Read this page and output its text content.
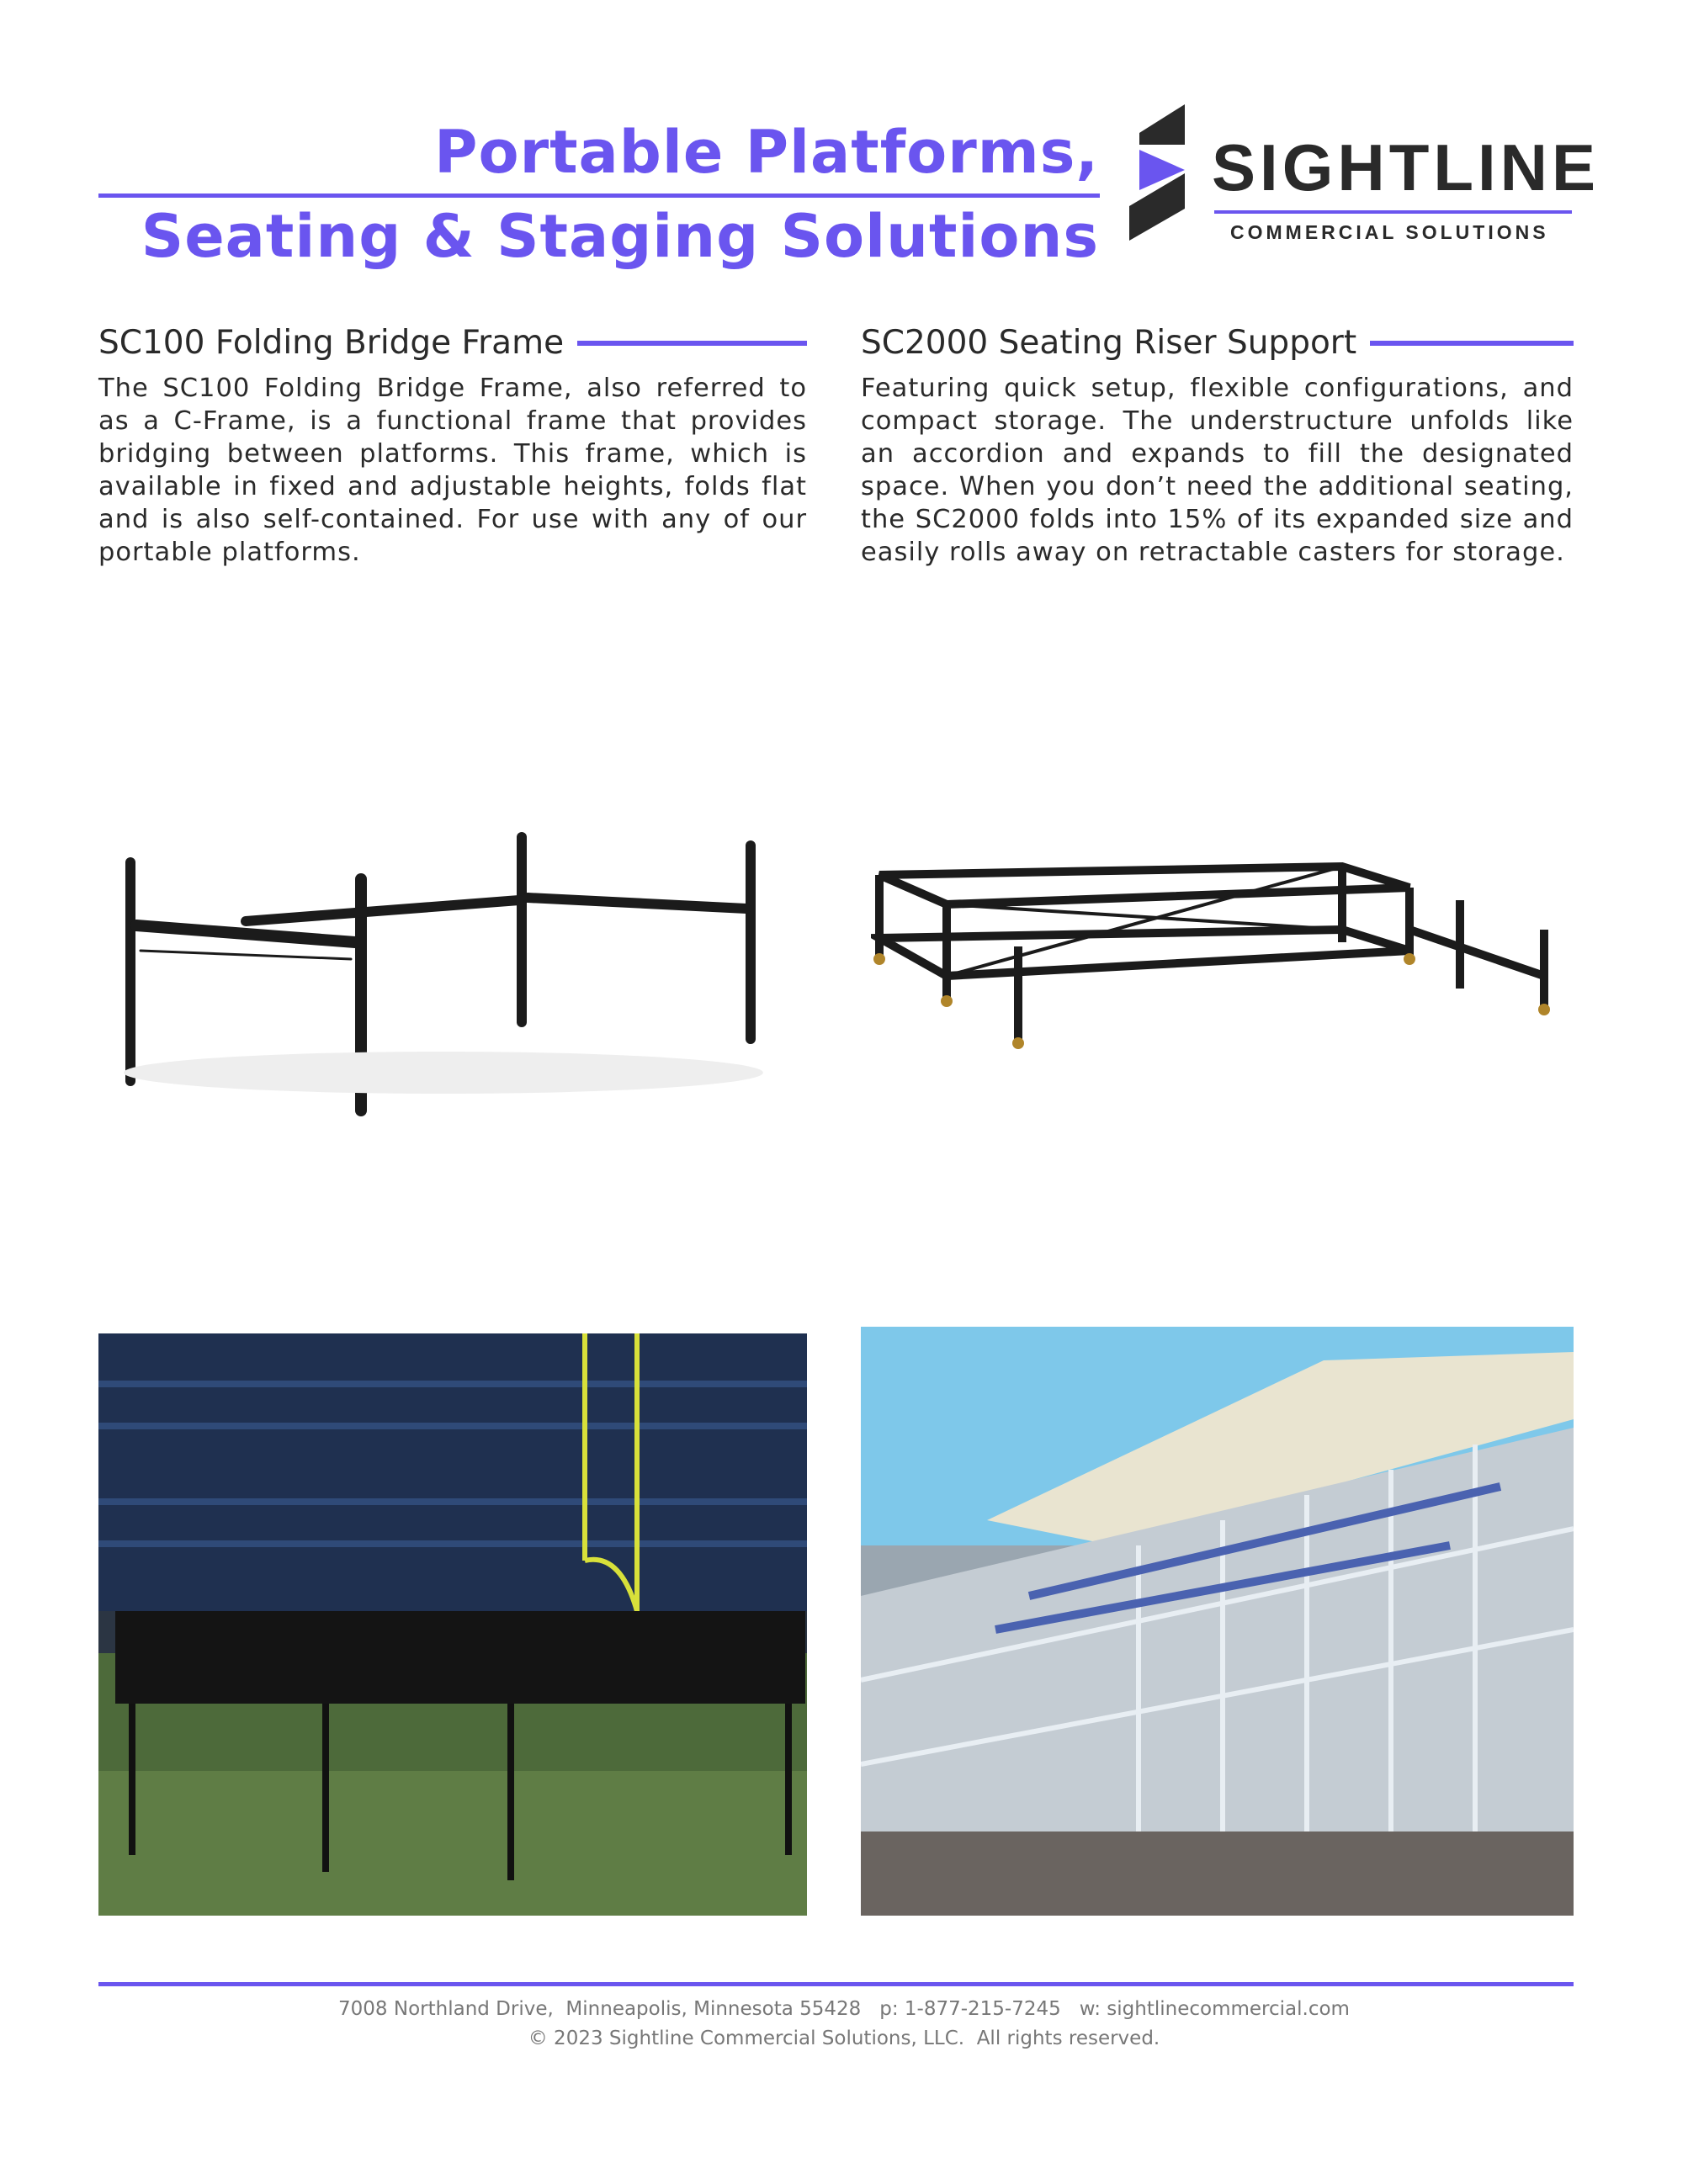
Portable Platforms,
Seating & Staging Solutions
SIGHTLINE
COMMERCIAL SOLUTIONS
SC100 Folding Bridge Frame
The SC100 Folding Bridge Frame, also referred to as a C-Frame, is a functional frame that provides bridging between platforms. This frame, which is available in fixed and adjustable heights, folds flat and is also self-contained. For use with any of our portable platforms.
SC2000 Seating Riser Support
Featuring quick setup, flexible configurations, and compact storage. The understructure unfolds like an accordion and expands to fill the designated space. When you don’t need the additional seating, the SC2000 folds into 15% of its expanded size and easily rolls away on retractable casters for storage.
7008 Northland Drive,  Minneapolis, Minnesota 55428   p: 1-877-215-7245   w: sightlinecommercial.com
© 2023 Sightline Commercial Solutions, LLC.  All rights reserved.
